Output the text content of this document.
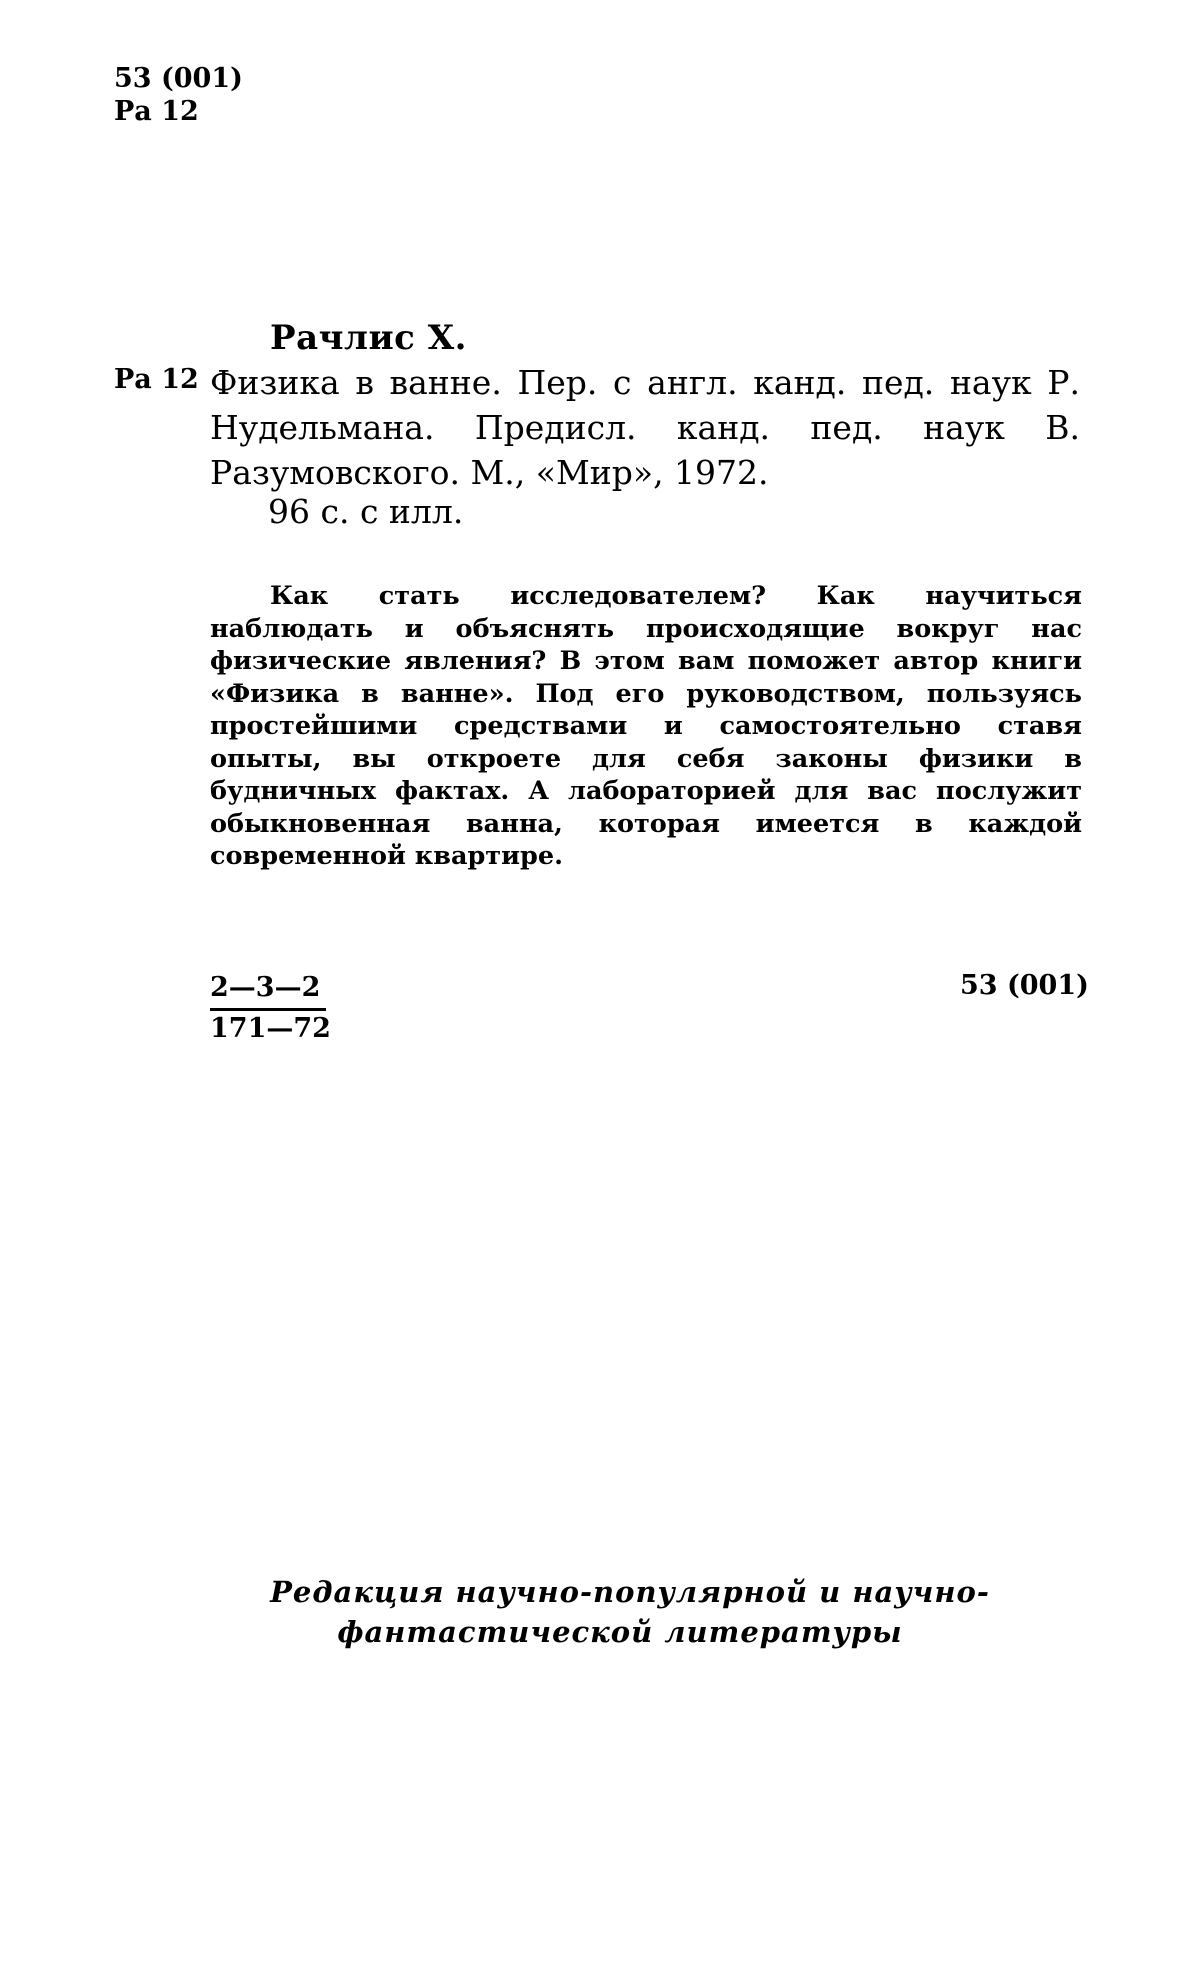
53 (001)
Ра 12
Рачлис Х.
Ра 12 Физика в ванне. Пер. с англ. канд. пед. наук Р. Нудельмана. Предисл. канд. пед. наук В. Разумовского. М., «Мир», 1972.
96 с. с илл.
Как стать исследователем? Как научиться наблюдать и объяснять происходящие вокруг нас физические явления? В этом вам поможет автор книги «Физика в ванне». Под его руководством, пользуясь простейшими средствами и самостоятельно ставя опыты, вы откроете для себя законы физики в будничных фактах. А лабораторией для вас послужит обыкновенная ванна, которая имеется в каждой современной квартире.
$\frac{2—3—2}{171—72}$	53 (001)
Редакция научно-популярной и научно-
фантастической литературы
